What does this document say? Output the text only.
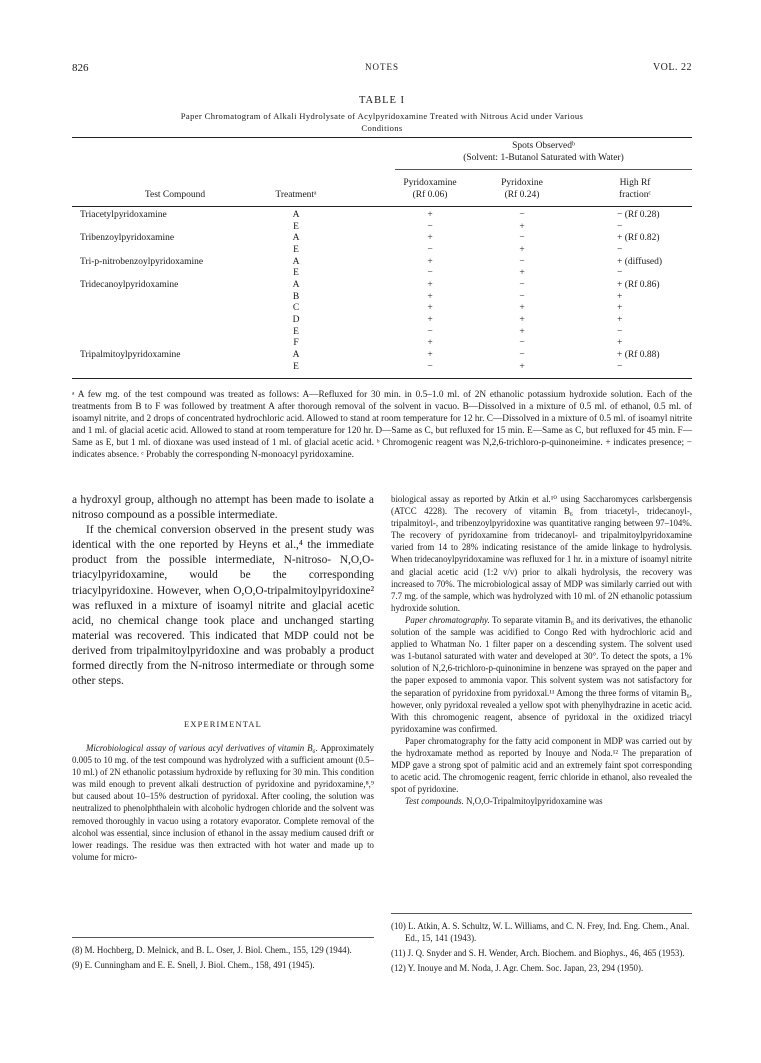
826	NOTES	VOL. 22
TABLE I
Paper Chromatogram of Alkali Hydrolysate of Acylpyridoxamine Treated with Nitrous Acid under Various
Conditions
Spots Observedᵇ
(Solvent: 1-Butanol Saturated with Water)
Test Compound	Treatmentᵃ
Pyridoxamine
(Rf 0.06)
Pyridoxine
(Rf 0.24)
High Rf
fractionᶜ
Triacetylpyridoxamine	A	+	−	− (Rf 0.28)
E	−	+	−
Tribenzoylpyridoxamine	A	+	−	+ (Rf 0.82)
E	−	+	−
Tri-p-nitrobenzoylpyridoxamine	A	+	−	+ (diffused)
E	−	+	−
Tridecanoylpyridoxamine	A	+	−	+ (Rf 0.86)
B	+	−	+
C	+	+	+
D	+	+	+
E	−	+	−
F	+	−	+
Tripalmitoylpyridoxamine	A	+	−	+ (Rf 0.88)
E	−	+	−
ᵃ A few mg. of the test compound was treated as follows: A—Refluxed for 30 min. in 0.5–1.0 ml. of 2N ethanolic potassium hydroxide solution. Each of the treatments from B to F was followed by treatment A after thorough removal of the solvent in vacuo. B—Dissolved in a mixture of 0.5 ml. of ethanol, 0.5 ml. of isoamyl nitrite, and 2 drops of concentrated hydrochloric acid. Allowed to stand at room temperature for 12 hr. C—Dissolved in a mixture of 0.5 ml. of isoamyl nitrite and 1 ml. of glacial acetic acid. Allowed to stand at room temperature for 120 hr. D—Same as C, but refluxed for 15 min. E—Same as C, but refluxed for 45 min. F—Same as E, but 1 ml. of dioxane was used instead of 1 ml. of glacial acetic acid. ᵇ Chromogenic reagent was N,2,6-trichloro-p-quinoneimine. + indicates presence; − indicates absence. ᶜ Probably the corresponding N-monoacyl pyridoxamine.

a hydroxyl group, although no attempt has been made to isolate a nitroso compound as a possible intermediate.

If the chemical conversion observed in the present study was identical with the one reported by Heyns et al.,⁴ the immediate product from the possible intermediate, N-nitroso- N,O,O-triacylpyridoxamine, would be the corresponding triacylpyridoxine. However, when O,O,O-tripalmitoylpyridoxine² was refluxed in a mixture of isoamyl nitrite and glacial acetic acid, no chemical change took place and unchanged starting material was recovered. This indicated that MDP could not be derived from tripalmitoylpyridoxine and was probably a product formed directly from the N-nitroso intermediate or through some other steps.

EXPERIMENTAL

Microbiological assay of various acyl derivatives of vitamin B₆. Approximately 0.005 to 10 mg. of the test compound was hydrolyzed with a sufficient amount (0.5–10 ml.) of 2N ethanolic potassium hydroxide by refluxing for 30 min. This condition was mild enough to prevent alkali destruction of pyridoxine and pyridoxamine,⁸,⁹ but caused about 10–15% destruction of pyridoxal. After cooling, the solution was neutralized to phenolphthalein with alcoholic hydrogen chloride and the solvent was removed thoroughly in vacuo using a rotatory evaporator. Complete removal of the alcohol was essential, since inclusion of ethanol in the assay medium caused drift or lower readings. The residue was then extracted with hot water and made up to volume for micro-

(8) M. Hochberg, D. Melnick, and B. L. Oser, J. Biol. Chem., 155, 129 (1944).

(9) E. Cunningham and E. E. Snell, J. Biol. Chem., 158, 491 (1945).

biological assay as reported by Atkin et al.¹⁰ using Saccharomyces carlsbergensis (ATCC 4228). The recovery of vitamin B₆ from triacetyl-, tridecanoyl-, tripalmitoyl-, and tribenzoylpyridoxine was quantitative ranging between 97–104%. The recovery of pyridoxamine from tridecanoyl- and tripalmitoylpyridoxamine varied from 14 to 28% indicating resistance of the amide linkage to hydrolysis. When tridecanoylpyridoxamine was refluxed for 1 hr. in a mixture of isoamyl nitrite and glacial acetic acid (1:2 v/v) prior to alkali hydrolysis, the recovery was increased to 70%. The microbiological assay of MDP was similarly carried out with 7.7 mg. of the sample, which was hydrolyzed with 10 ml. of 2N ethanolic potassium hydroxide solution.

Paper chromatography. To separate vitamin B₆ and its derivatives, the ethanolic solution of the sample was acidified to Congo Red with hydrochloric acid and applied to Whatman No. 1 filter paper on a descending system. The solvent used was 1-butanol saturated with water and developed at 30°. To detect the spots, a 1% solution of N,2,6-trichloro-p-quinonimine in benzene was sprayed on the paper and the paper exposed to ammonia vapor. This solvent system was not satisfactory for the separation of pyridoxine from pyridoxal.¹¹ Among the three forms of vitamin B₆, however, only pyridoxal revealed a yellow spot with phenylhydrazine in acetic acid. With this chromogenic reagent, absence of pyridoxal in the oxidized triacyl pyridoxamine was confirmed.

Paper chromatography for the fatty acid component in MDP was carried out by the hydroxamate method as reported by Inouye and Noda.¹² The preparation of MDP gave a strong spot of palmitic acid and an extremely faint spot corresponding to acetic acid. The chromogenic reagent, ferric chloride in ethanol, also revealed the spot of pyridoxine.

Test compounds. N,O,O-Tripalmitoylpyridoxamine was

(10) L. Atkin, A. S. Schultz, W. L. Williams, and C. N. Frey, Ind. Eng. Chem., Anal. Ed., 15, 141 (1943).

(11) J. Q. Snyder and S. H. Wender, Arch. Biochem. and Biophys., 46, 465 (1953).

(12) Y. Inouye and M. Noda, J. Agr. Chem. Soc. Japan, 23, 294 (1950).
